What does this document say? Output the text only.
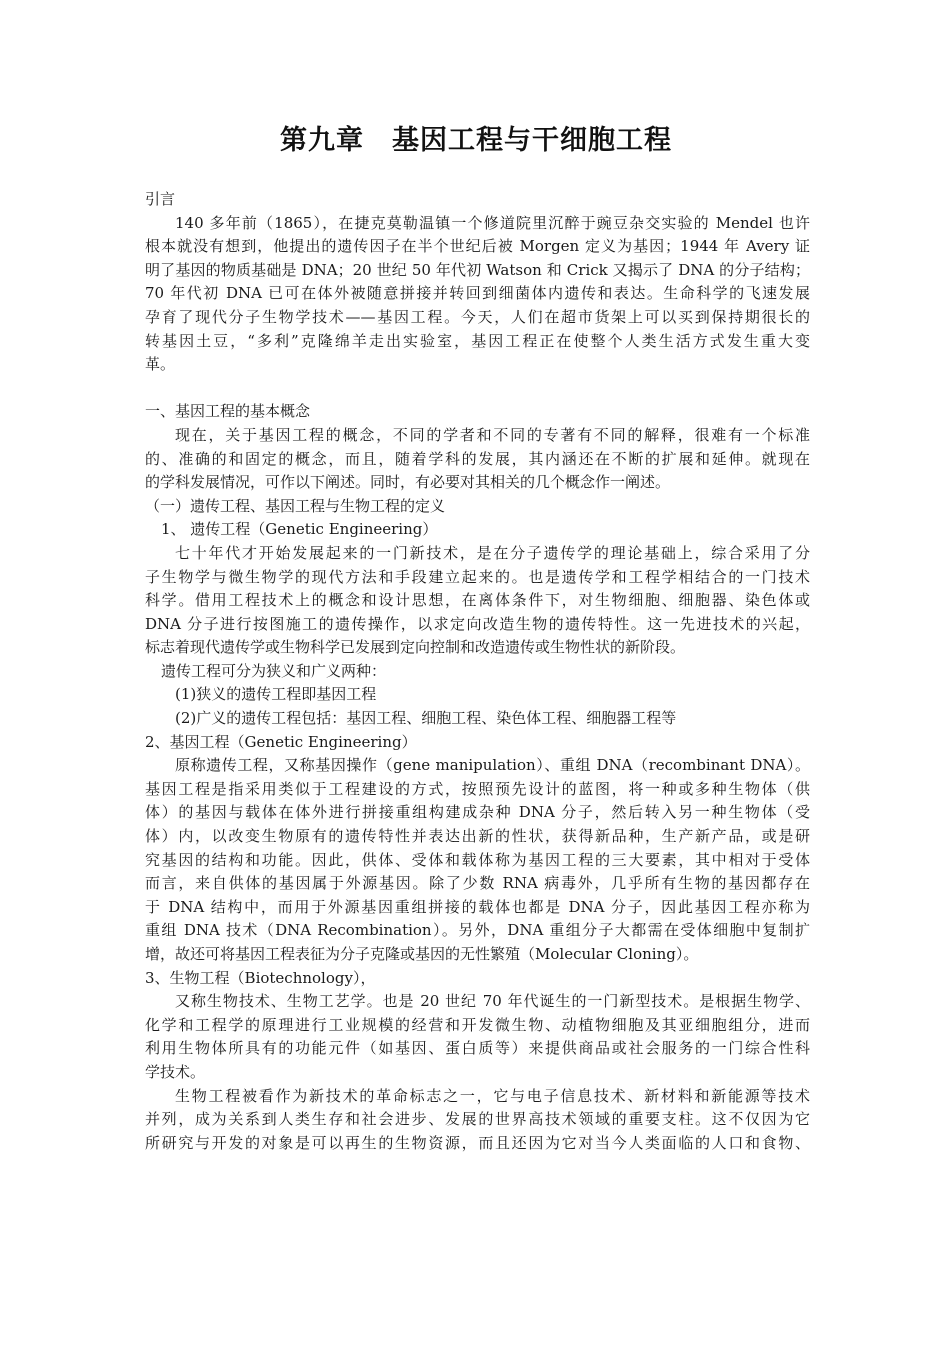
第九章　基因工程与干细胞工程
引言
140 多年前（1865），在捷克莫勒温镇一个修道院里沉醉于豌豆杂交实验的 Mendel 也许
根本就没有想到，他提出的遗传因子在半个世纪后被 Morgen 定义为基因；1944 年 Avery 证
明了基因的物质基础是 DNA；20 世纪 50 年代初 Watson 和 Crick 又揭示了 DNA 的分子结构；
70 年代初 DNA 已可在体外被随意拼接并转回到细菌体内遗传和表达。生命科学的飞速发展
孕育了现代分子生物学技术——基因工程。今天，人们在超市货架上可以买到保持期很长的
转基因土豆，“多利”克隆绵羊走出实验室，基因工程正在使整个人类生活方式发生重大变
革。
一、基因工程的基本概念
现在，关于基因工程的概念，不同的学者和不同的专著有不同的解释，很难有一个标准
的、准确的和固定的概念，而且，随着学科的发展，其内涵还在不断的扩展和延伸。就现在
的学科发展情况，可作以下阐述。同时，有必要对其相关的几个概念作一阐述。
（一）遗传工程、基因工程与生物工程的定义
1、 遗传工程（Genetic Engineering）
七十年代才开始发展起来的一门新技术，是在分子遗传学的理论基础上，综合采用了分
子生物学与微生物学的现代方法和手段建立起来的。也是遗传学和工程学相结合的一门技术
科学。借用工程技术上的概念和设计思想，在离体条件下，对生物细胞、细胞器、染色体或
DNA 分子进行按图施工的遗传操作，以求定向改造生物的遗传特性。这一先进技术的兴起，
标志着现代遗传学或生物科学已发展到定向控制和改造遗传或生物性状的新阶段。
遗传工程可分为狭义和广义两种：
(1)狭义的遗传工程即基因工程
(2)广义的遗传工程包括：基因工程、细胞工程、染色体工程、细胞器工程等
2、基因工程（Genetic Engineering）
原称遗传工程，又称基因操作（gene manipulation）、重组 DNA（recombinant DNA）。
基因工程是指采用类似于工程建设的方式，按照预先设计的蓝图，将一种或多种生物体（供
体）的基因与载体在体外进行拼接重组构建成杂种 DNA 分子，然后转入另一种生物体（受
体）内，以改变生物原有的遗传特性并表达出新的性状，获得新品种，生产新产品，或是研
究基因的结构和功能。因此，供体、受体和载体称为基因工程的三大要素，其中相对于受体
而言，来自供体的基因属于外源基因。除了少数 RNA 病毒外，几乎所有生物的基因都存在
于 DNA 结构中，而用于外源基因重组拼接的载体也都是 DNA 分子，因此基因工程亦称为
重组 DNA 技术（DNA Recombination）。另外，DNA 重组分子大都需在受体细胞中复制扩
增，故还可将基因工程表征为分子克隆或基因的无性繁殖（Molecular Cloning）。
3、生物工程（Biotechnology），
又称生物技术、生物工艺学。也是 20 世纪 70 年代诞生的一门新型技术。是根据生物学、
化学和工程学的原理进行工业规模的经营和开发微生物、动植物细胞及其亚细胞组分，进而
利用生物体所具有的功能元件（如基因、蛋白质等）来提供商品或社会服务的一门综合性科
学技术。
生物工程被看作为新技术的革命标志之一，它与电子信息技术、新材料和新能源等技术
并列，成为关系到人类生存和社会进步、发展的世界高技术领域的重要支柱。这不仅因为它
所研究与开发的对象是可以再生的生物资源，而且还因为它对当今人类面临的人口和食物、
